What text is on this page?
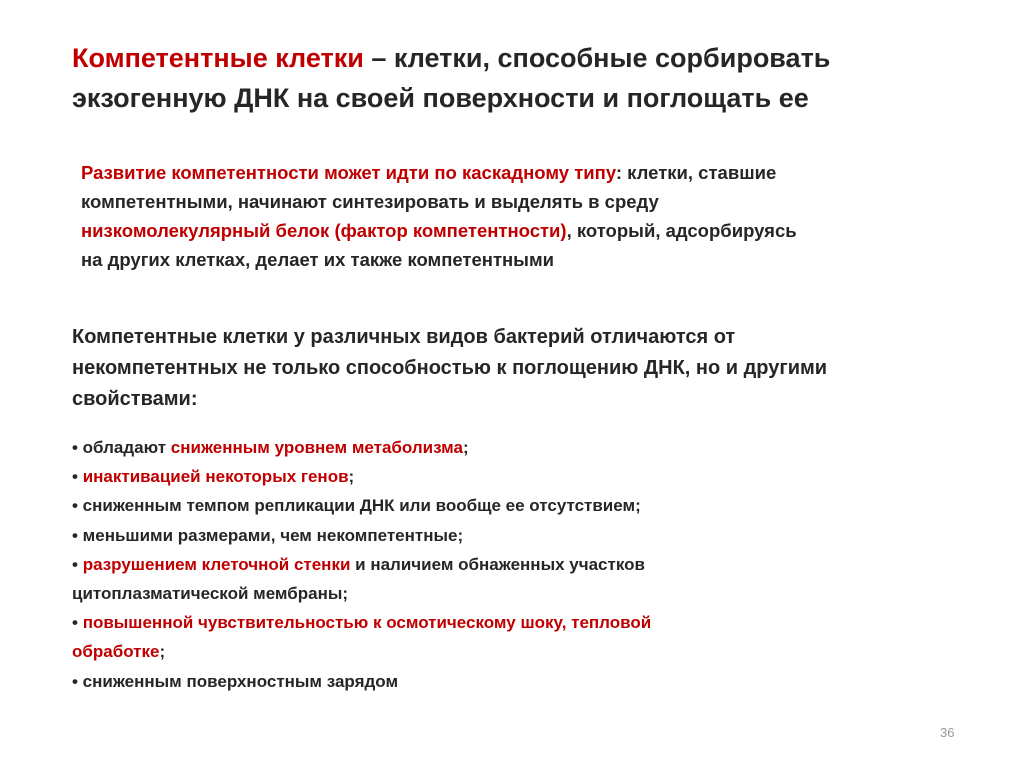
Компетентные клетки – клетки, способные сорбировать
экзогенную ДНК на своей поверхности и поглощать ее
Развитие компетентности может идти по каскадному типу: клетки, ставшие
компетентными, начинают синтезировать и выделять в среду
низкомолекулярный белок (фактор компетентности), который, адсорбируясь
на других клетках, делает их также компетентными
Компетентные клетки у различных видов бактерий отличаются от
некомпетентных не только способностью к поглощению ДНК, но и другими
свойствами:
• обладают сниженным уровнем метаболизма;
• инактивацией некоторых генов;
• сниженным темпом репликации ДНК или вообще ее отсутствием;
• меньшими размерами, чем некомпетентные;
• разрушением клеточной стенки и наличием обнаженных участков
цитоплазматической мембраны;
• повышенной чувствительностью к осмотическому шоку, тепловой
обработке;
• сниженным поверхностным зарядом
36
